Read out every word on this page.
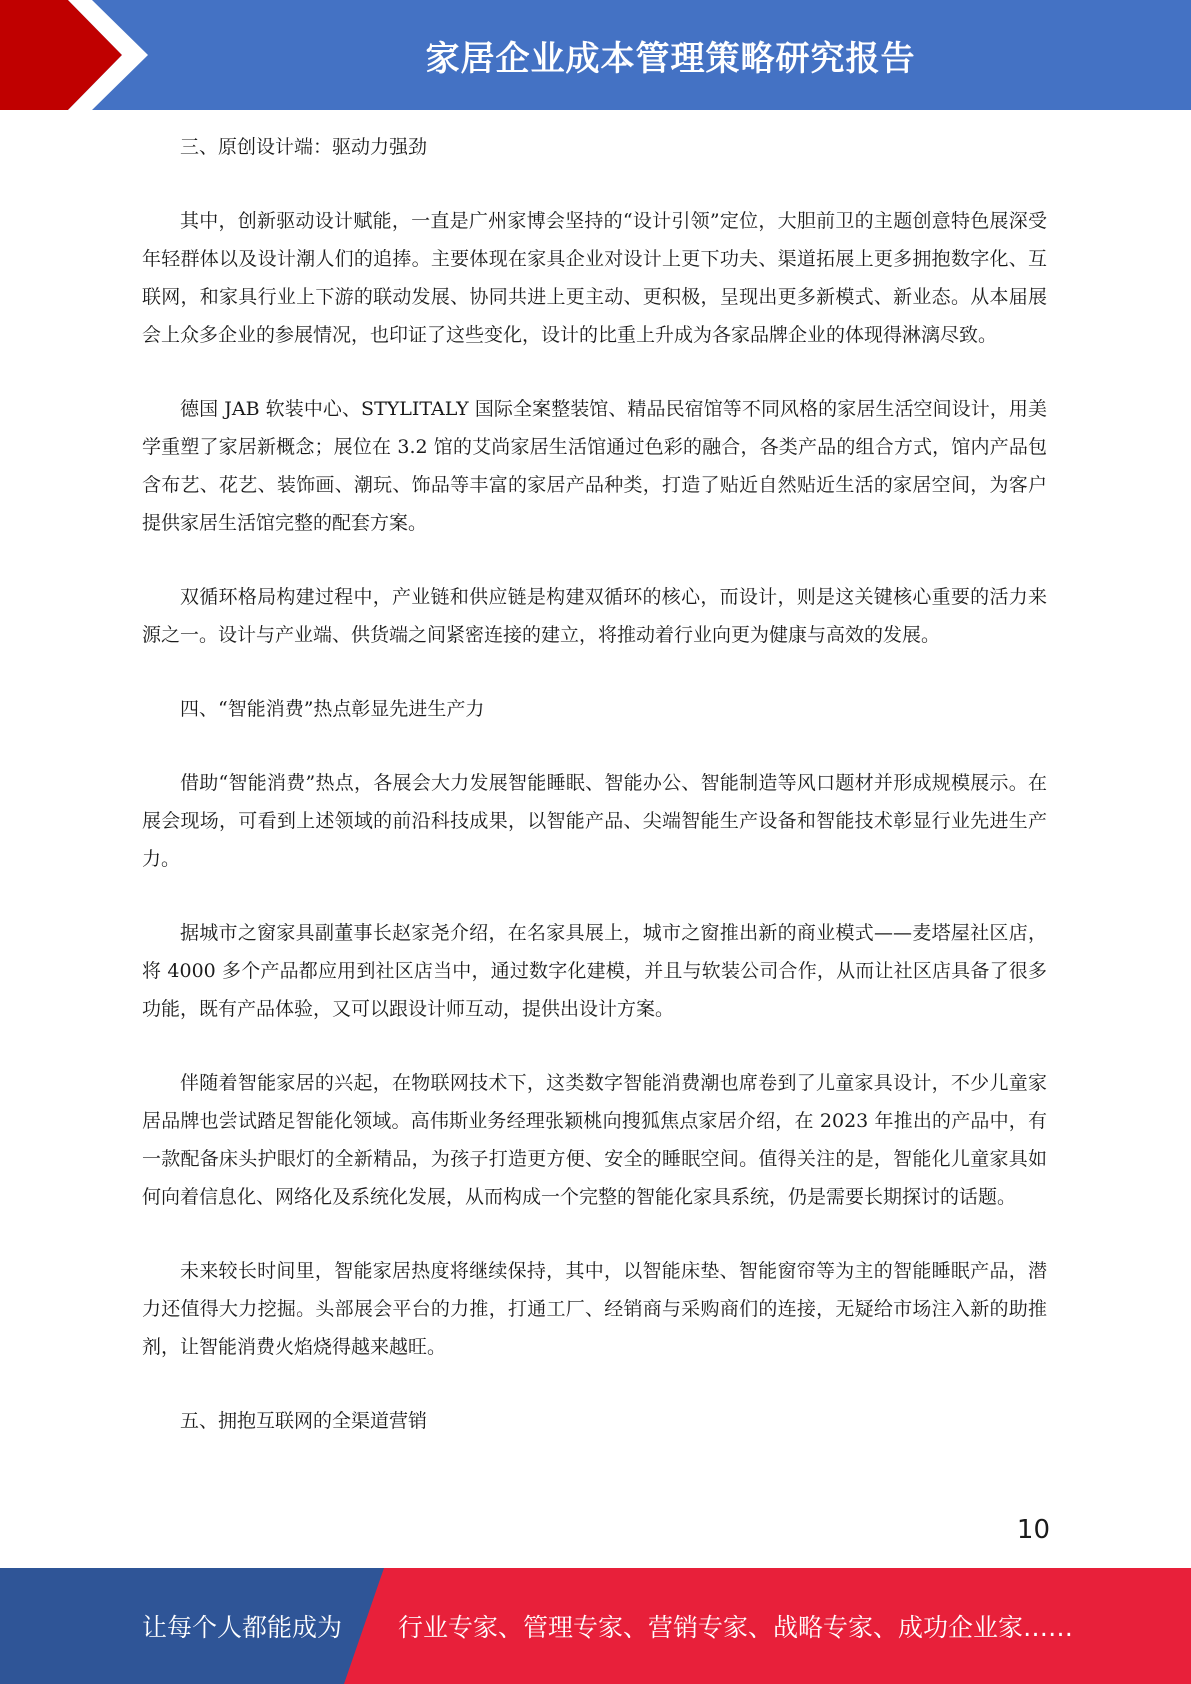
家居企业成本管理策略研究报告

三、原创设计端：驱动力强劲

其中，创新驱动设计赋能，一直是广州家博会坚持的“设计引领”定位，大胆前卫的主题创意特色展深受年轻群体以及设计潮人们的追捧。主要体现在家具企业对设计上更下功夫、渠道拓展上更多拥抱数字化、互联网，和家具行业上下游的联动发展、协同共进上更主动、更积极，呈现出更多新模式、新业态。从本届展会上众多企业的参展情况，也印证了这些变化，设计的比重上升成为各家品牌企业的体现得淋漓尽致。

德国 JAB 软装中心、STYLITALY 国际全案整装馆、精品民宿馆等不同风格的家居生活空间设计，用美学重塑了家居新概念；展位在 3.2 馆的艾尚家居生活馆通过色彩的融合，各类产品的组合方式，馆内产品包含布艺、花艺、装饰画、潮玩、饰品等丰富的家居产品种类，打造了贴近自然贴近生活的家居空间，为客户提供家居生活馆完整的配套方案。

双循环格局构建过程中，产业链和供应链是构建双循环的核心，而设计，则是这关键核心重要的活力来源之一。设计与产业端、供货端之间紧密连接的建立，将推动着行业向更为健康与高效的发展。

四、“智能消费”热点彰显先进生产力

借助“智能消费”热点，各展会大力发展智能睡眠、智能办公、智能制造等风口题材并形成规模展示。在展会现场，可看到上述领域的前沿科技成果，以智能产品、尖端智能生产设备和智能技术彰显行业先进生产力。

据城市之窗家具副董事长赵家尧介绍，在名家具展上，城市之窗推出新的商业模式——麦塔屋社区店，将 4000 多个产品都应用到社区店当中，通过数字化建模，并且与软装公司合作，从而让社区店具备了很多功能，既有产品体验，又可以跟设计师互动，提供出设计方案。

伴随着智能家居的兴起，在物联网技术下，这类数字智能消费潮也席卷到了儿童家具设计，不少儿童家居品牌也尝试踏足智能化领域。高伟斯业务经理张颖桃向搜狐焦点家居介绍，在 2023 年推出的产品中，有一款配备床头护眼灯的全新精品，为孩子打造更方便、安全的睡眠空间。值得关注的是，智能化儿童家具如何向着信息化、网络化及系统化发展，从而构成一个完整的智能化家具系统，仍是需要长期探讨的话题。

未来较长时间里，智能家居热度将继续保持，其中，以智能床垫、智能窗帘等为主的智能睡眠产品，潜力还值得大力挖掘。头部展会平台的力推，打通工厂、经销商与采购商们的连接，无疑给市场注入新的助推剂，让智能消费火焰烧得越来越旺。

五、拥抱互联网的全渠道营销

10
让每个人都能成为 行业专家、管理专家、营销专家、战略专家、成功企业家……
